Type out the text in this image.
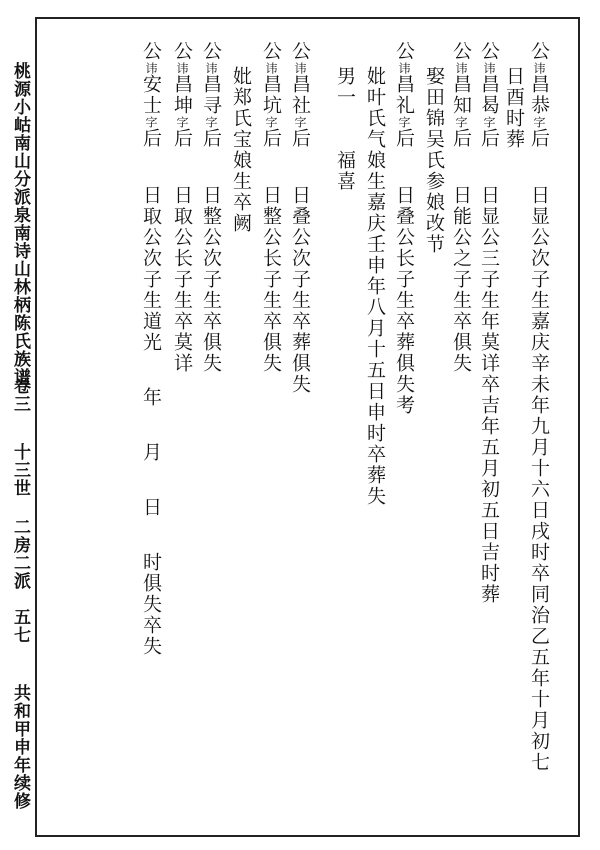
桃源小岵南山分派泉南诗山林柄陈氏族谱
卷三
十三世 二房二派
五七
共和甲申年续修
公讳昌恭字后日显公次子生嘉庆辛未年九月十六日戌时卒同治乙五年十月初七
日酉时葬
公讳昌曷字后日显公三子生年莫详卒吉年五月初五日吉时葬
公讳昌知字后日能公之子生卒俱失
娶田锦吴氏参娘改节
公讳昌礼字后日叠公长子生卒葬俱失考
妣叶氏气娘生嘉庆壬申年八月十五日申时卒葬失
男一福喜
公讳昌社字后日叠公次子生卒葬俱失
公讳昌坑字后日整公长子生卒俱失
妣郑氏宝娘生卒阙
公讳昌寻字后日整公次子生卒俱失
公讳昌坤字后日取公长子生卒莫详
公讳安士字后日取公次子生道光年月日时俱失卒失
